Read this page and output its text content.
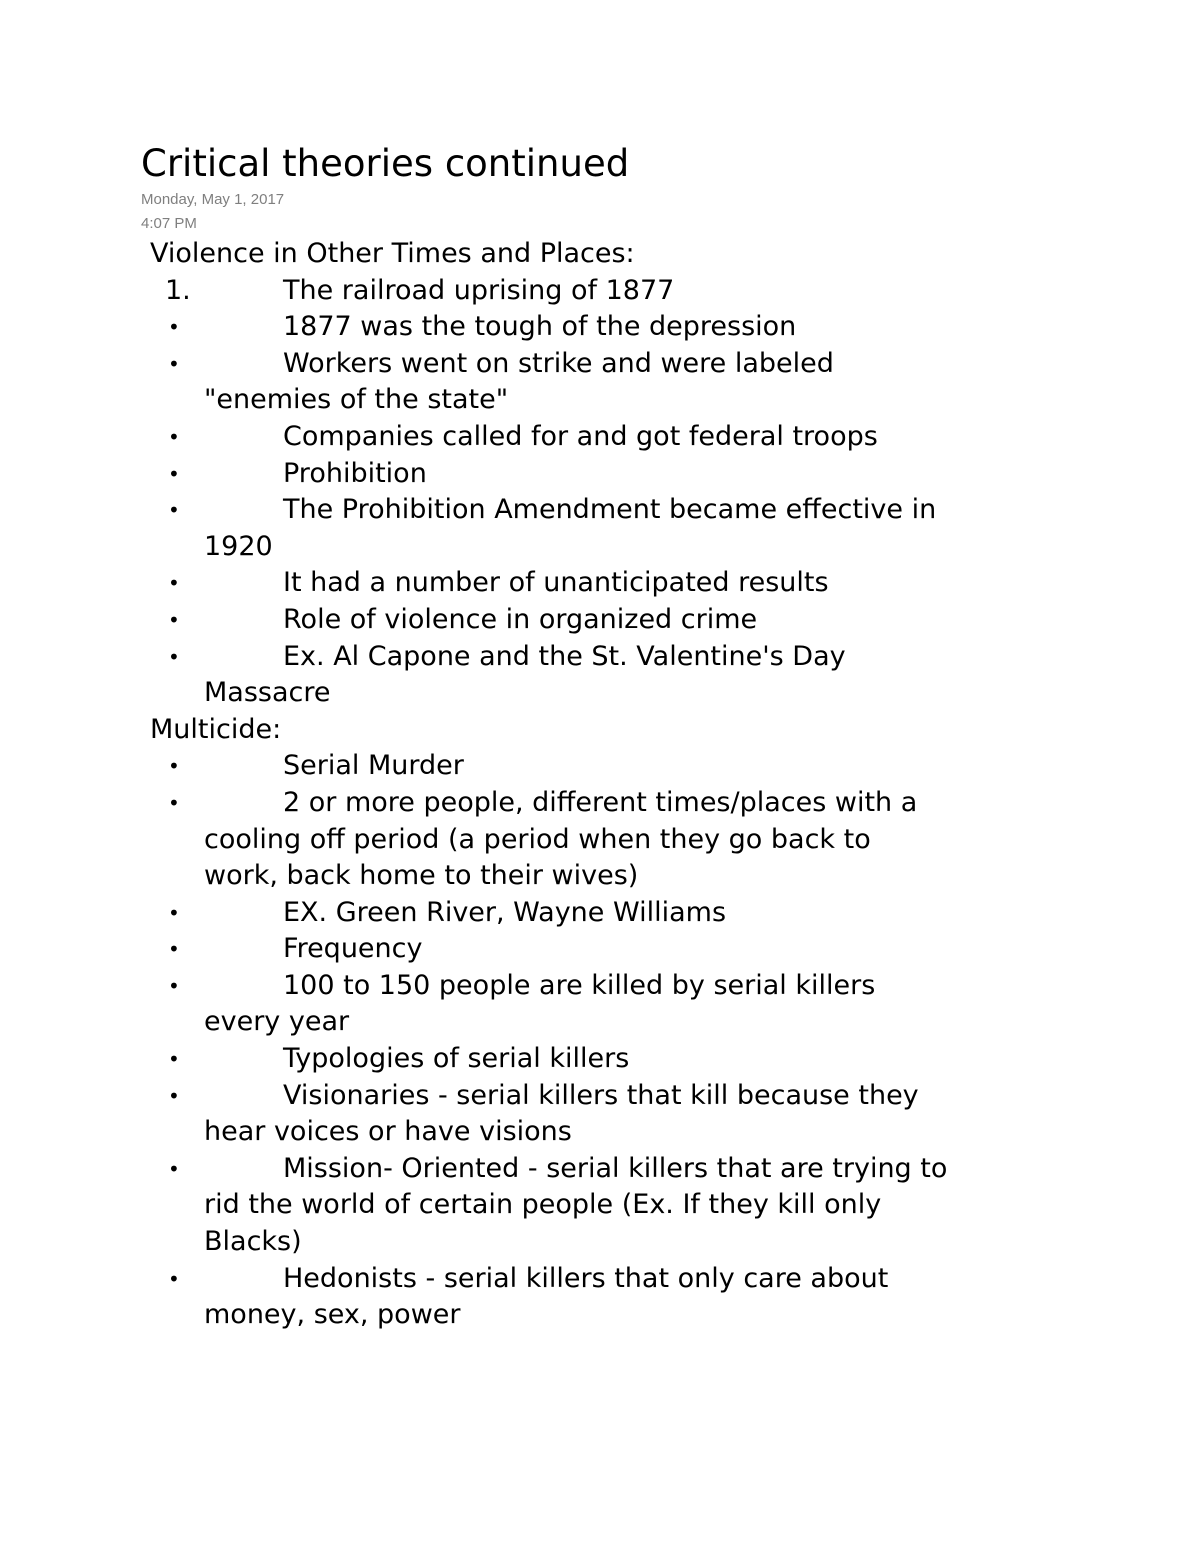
Critical theories continued
Monday, May 1, 2017
4:07 PM
Violence in Other Times and Places:
1.	The railroad uprising of 1877
•	1877 was the tough of the depression
•	Workers went on strike and were labeled
"enemies of the state"
•	Companies called for and got federal troops
•	Prohibition
•	The Prohibition Amendment became effective in
1920
•	It had a number of unanticipated results
•	Role of violence in organized crime
•	Ex. Al Capone and the St. Valentine's Day
Massacre
Multicide:
•	Serial Murder
•	2 or more people, different times/places with a
cooling off period (a period when they go back to
work, back home to their wives)
•	EX. Green River, Wayne Williams
•	Frequency
•	100 to 150 people are killed by serial killers
every year
•	Typologies of serial killers
•	Visionaries - serial killers that kill because they
hear voices or have visions
•	Mission- Oriented - serial killers that are trying to
rid the world of certain people (Ex. If they kill only
Blacks)
•	Hedonists - serial killers that only care about
money, sex, power
